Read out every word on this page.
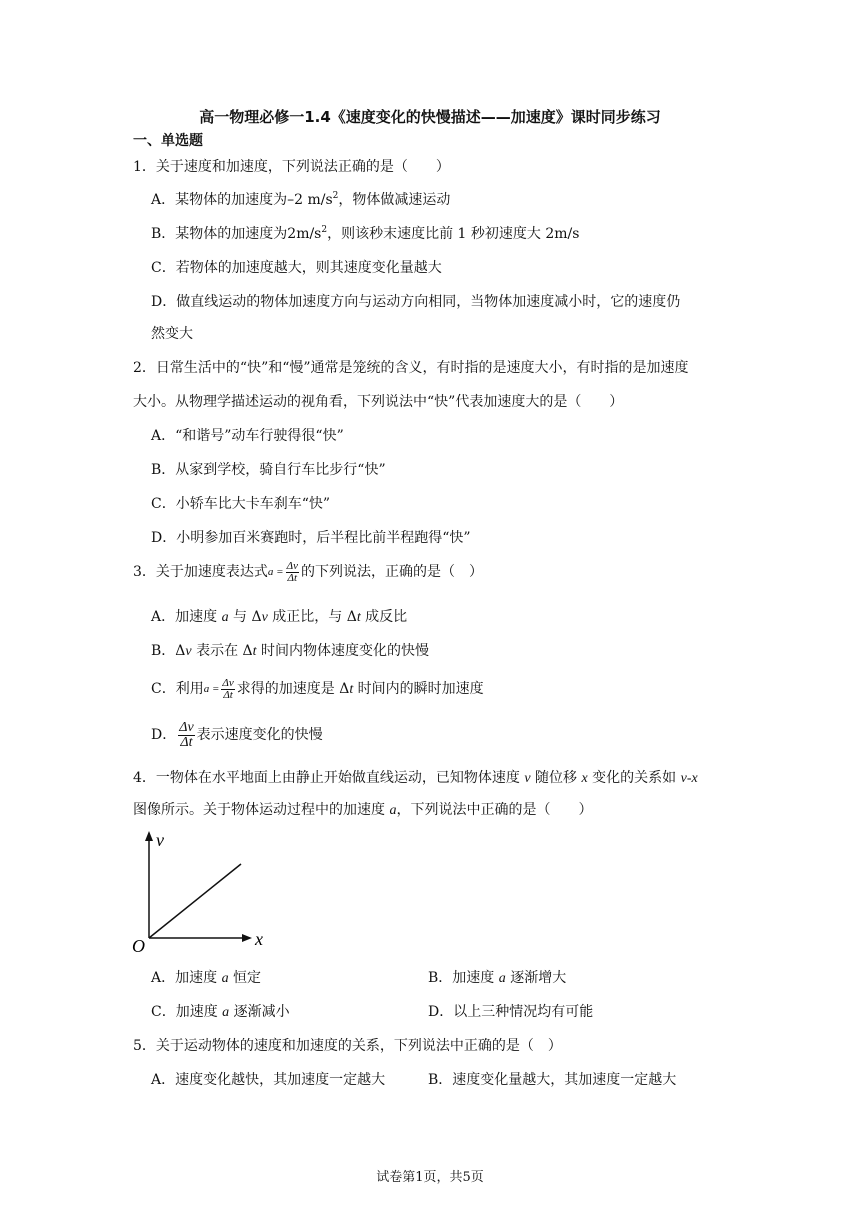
高一物理必修一1.4《速度变化的快慢描述——加速度》课时同步练习
一、单选题
1．关于速度和加速度，下列说法正确的是（　　）
A．某物体的加速度为–2 $m/s^2$，物体做减速运动
B．某物体的加速度为$2m/s^2$，则该秒末速度比前 1 秒初速度大 2m/s
C．若物体的加速度越大，则其速度变化量越大
D．做直线运动的物体加速度方向与运动方向相同，当物体加速度减小时，它的速度仍
然变大
2．日常生活中的“快”和“慢”通常是笼统的含义，有时指的是速度大小，有时指的是加速度
大小。从物理学描述运动的视角看，下列说法中“快”代表加速度大的是（　　）
A．“和谐号”动车行驶得很“快”
B．从家到学校，骑自行车比步行“快”
C．小轿车比大卡车刹车“快”
D．小明参加百米赛跑时，后半程比前半程跑得“快”
3．关于加速度表达式$a = \frac{\Delta v}{\Delta t}$ 的下列说法，正确的是（　）
A．加速度 a 与 Δv 成正比，与 Δt 成反比
B．Δv 表示在 Δt 时间内物体速度变化的快慢
C．利用$a = \frac{\Delta v}{\Delta t}$ 求得的加速度是 Δt 时间内的瞬时加速度
D． $\frac{\Delta v}{\Delta t}$ 表示速度变化的快慢
4．一物体在水平地面上由静止开始做直线运动，已知物体速度 v 随位移 x 变化的关系如 v-x
图像所示。关于物体运动过程中的加速度 a，下列说法中正确的是（　　）
v
x
O
A．加速度 a 恒定	B．加速度 a 逐渐增大
C．加速度 a 逐渐减小	D．以上三种情况均有可能
5．关于运动物体的速度和加速度的关系，下列说法中正确的是（　）
A．速度变化越快，其加速度一定越大	B．速度变化量越大，其加速度一定越大
试卷第1页，共5页
